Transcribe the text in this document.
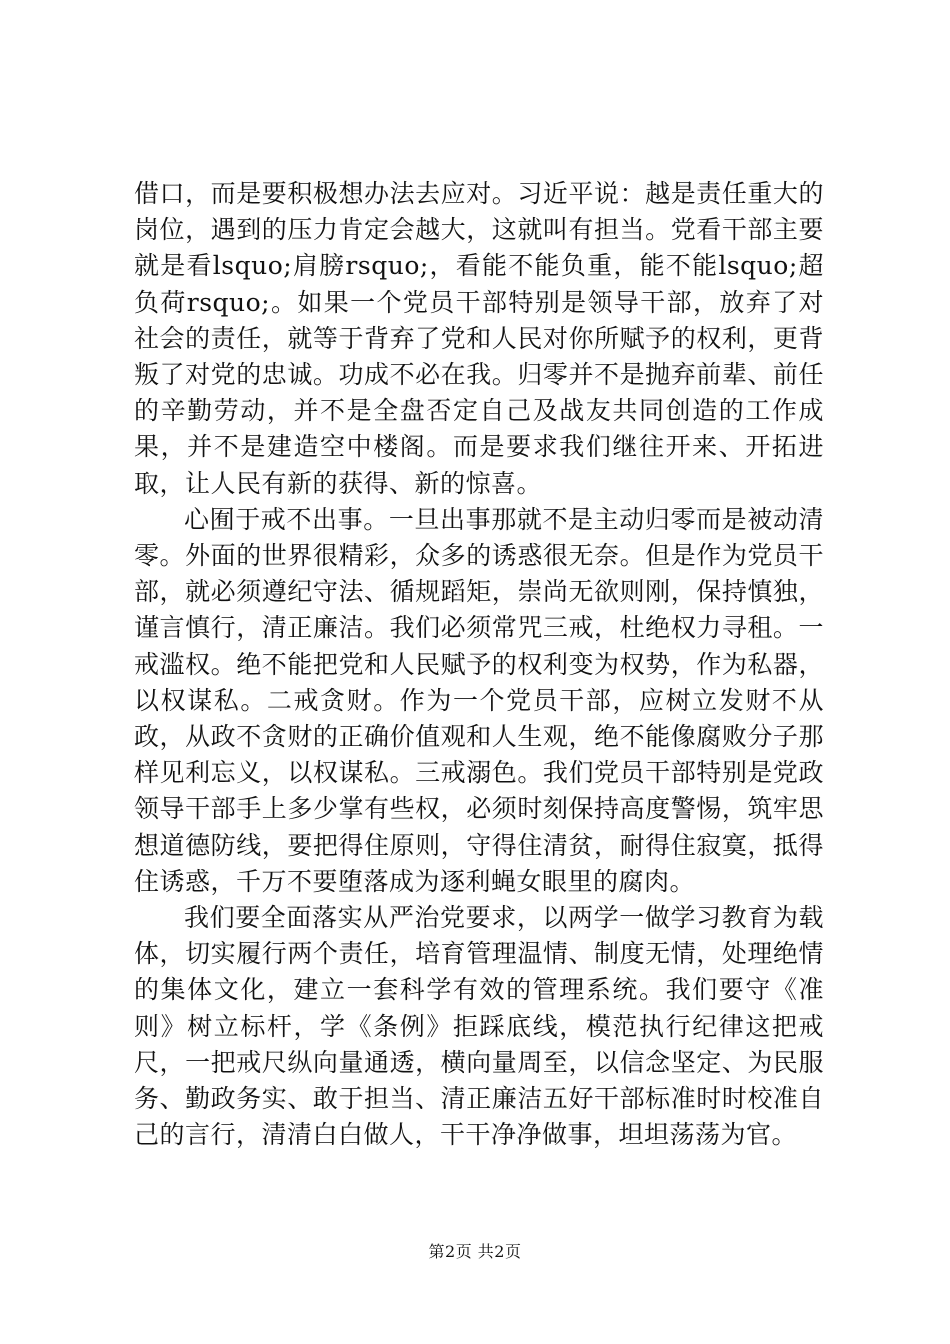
借口，而是要积极想办法去应对。习近平说：越是责任重大的岗位，遇到的压力肯定会越大，这就叫有担当。党看干部主要就是看lsquo;肩膀rsquo;，看能不能负重，能不能lsquo;超负荷rsquo;。如果一个党员干部特别是领导干部，放弃了对社会的责任，就等于背弃了党和人民对你所赋予的权利，更背叛了对党的忠诚。功成不必在我。归零并不是抛弃前辈、前任的辛勤劳动，并不是全盘否定自己及战友共同创造的工作成果，并不是建造空中楼阁。而是要求我们继往开来、开拓进取，让人民有新的获得、新的惊喜。

心囿于戒不出事。一旦出事那就不是主动归零而是被动清零。外面的世界很精彩，众多的诱惑很无奈。但是作为党员干部，就必须遵纪守法、循规蹈矩，崇尚无欲则刚，保持慎独，谨言慎行，清正廉洁。我们必须常咒三戒，杜绝权力寻租。一戒滥权。绝不能把党和人民赋予的权利变为权势，作为私器，以权谋私。二戒贪财。作为一个党员干部，应树立发财不从政，从政不贪财的正确价值观和人生观，绝不能像腐败分子那样见利忘义，以权谋私。三戒溺色。我们党员干部特别是党政领导干部手上多少掌有些权，必须时刻保持高度警惕，筑牢思想道德防线，要把得住原则，守得住清贫，耐得住寂寞，抵得住诱惑，千万不要堕落成为逐利蝇女眼里的腐肉。

我们要全面落实从严治党要求，以两学一做学习教育为载体，切实履行两个责任，培育管理温情、制度无情，处理绝情的集体文化，建立一套科学有效的管理系统。我们要守《准则》树立标杆，学《条例》拒踩底线，模范执行纪律这把戒尺，一把戒尺纵向量通透，横向量周至，以信念坚定、为民服务、勤政务实、敢于担当、清正廉洁五好干部标准时时校准自己的言行，清清白白做人，干干净净做事，坦坦荡荡为官。

第2页 共2页
